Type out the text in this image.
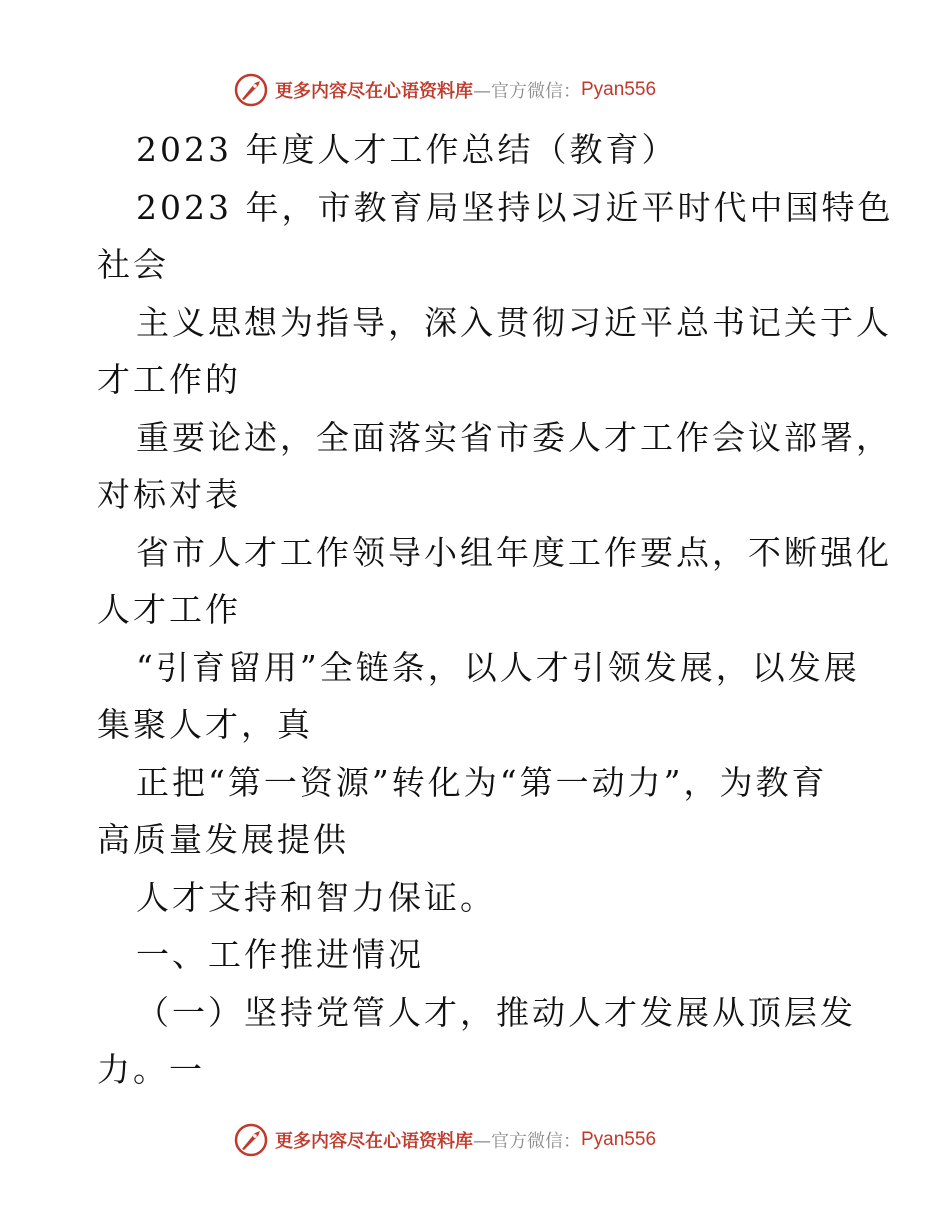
更多内容尽在心语资料库 —官方微信： Pyan556

2023 年度人才工作总结（教育）

2023 年，市教育局坚持以习近平时代中国特色

社会

主义思想为指导，深入贯彻习近平总书记关于人

才工作的

重要论述，全面落实省市委人才工作会议部署，

对标对表

省市人才工作领导小组年度工作要点，不断强化

人才工作

“引育留用”全链条，以人才引领发展，以发展

集聚人才，真

正把“第一资源”转化为“第一动力”，为教育

高质量发展提供

人才支持和智力保证。

一、工作推进情况

（一）坚持党管人才，推动人才发展从顶层发

力。一

更多内容尽在心语资料库 —官方微信： Pyan556
